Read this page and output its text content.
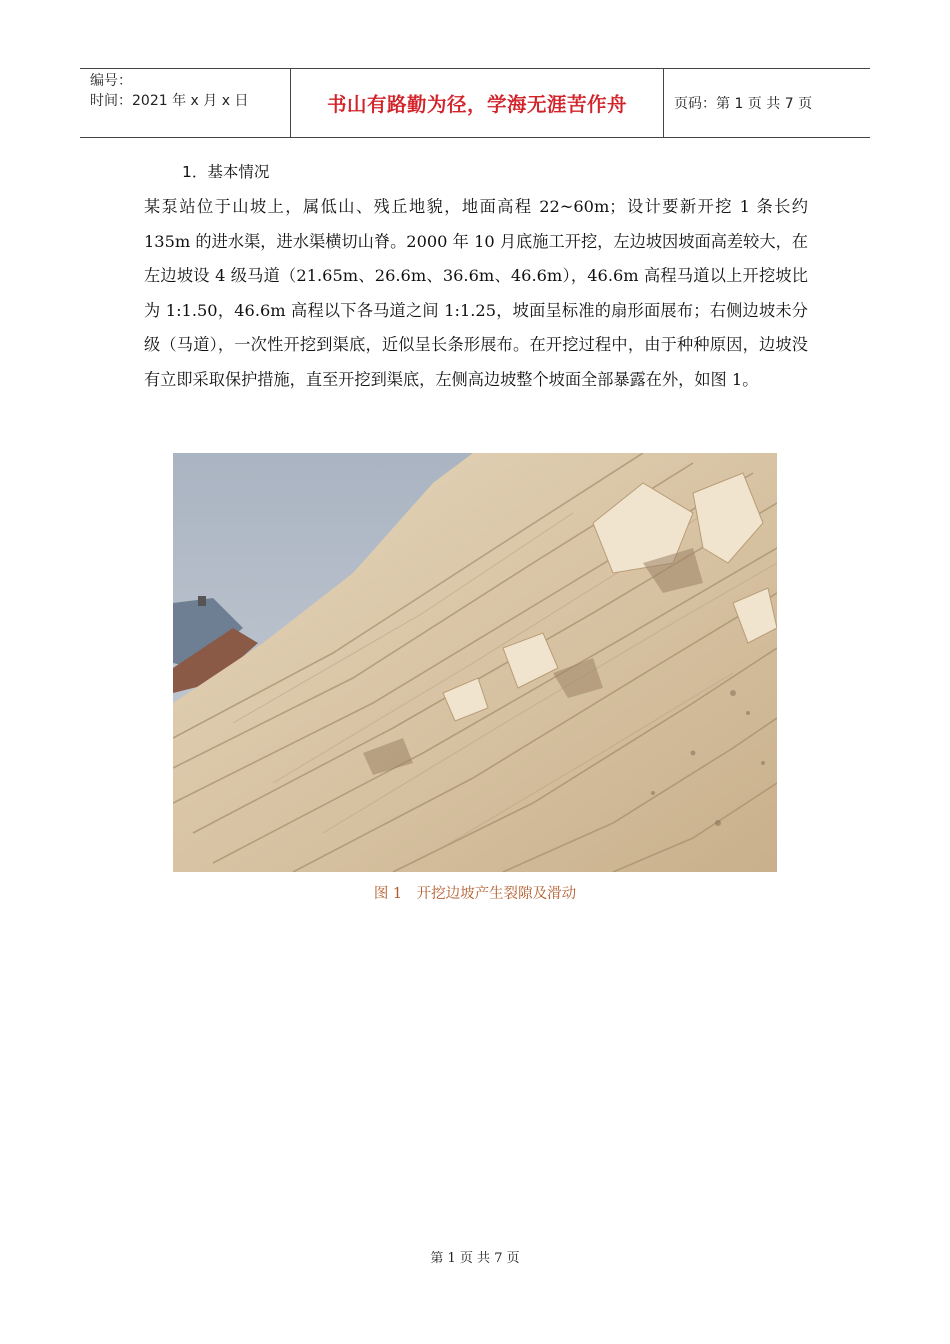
编号：
时间：2021 年 x 月 x 日	书山有路勤为径，学海无涯苦作舟	页码：第 1 页 共 7 页
1．基本情况

某泵站位于山坡上，属低山、残丘地貌，地面高程 22~60m；设计要新开挖 1 条长约 135m 的进水渠，进水渠横切山脊。2000 年 10 月底施工开挖，左边坡因坡面高差较大，在左边坡设 4 级马道（21.65m、26.6m、36.6m、46.6m），46.6m 高程马道以上开挖坡比为 1:1.50，46.6m 高程以下各马道之间 1:1.25，坡面呈标准的扇形面展布；右侧边坡未分级（马道），一次性开挖到渠底，近似呈长条形展布。在开挖过程中，由于种种原因，边坡没有立即采取保护措施，直至开挖到渠底，左侧高边坡整个坡面全部暴露在外，如图 1。

图 1　开挖边坡产生裂隙及滑动
第 1 页 共 7 页
